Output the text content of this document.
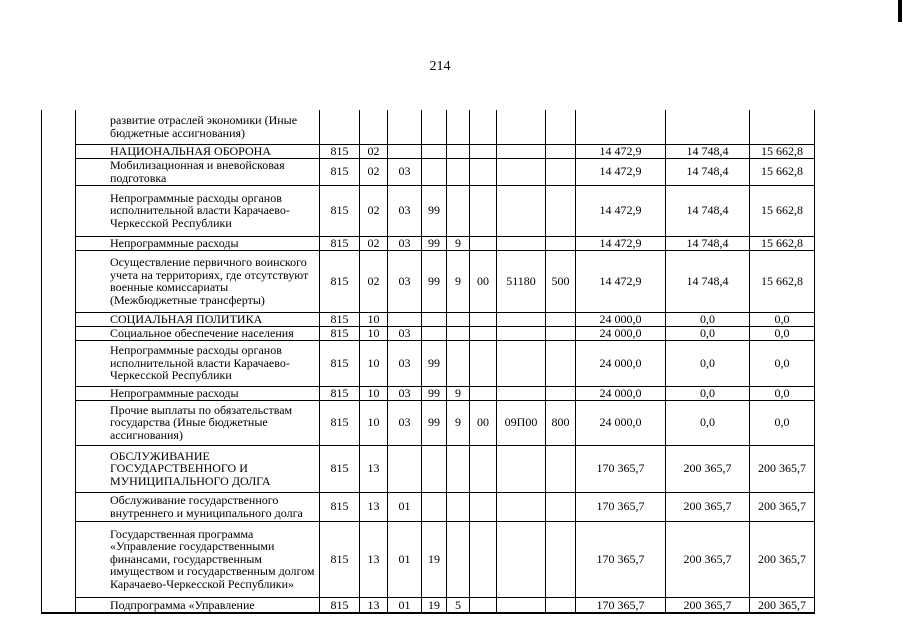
214
	развитие отраслей экономики (Иные бюджетные ассигнования)											
	НАЦИОНАЛЬНАЯ ОБОРОНА	815	02							14 472,9	14 748,4	15 662,8
	Мобилизационная и вневойсковая подготовка	815	02	03						14 472,9	14 748,4	15 662,8
	Непрограммные расходы органов исполнительной власти Карачаево-Черкесской Республики	815	02	03	99					14 472,9	14 748,4	15 662,8
	Непрограммные расходы	815	02	03	99	9				14 472,9	14 748,4	15 662,8
	Осуществление первичного воинского учета на территориях, где отсутствуют военные комиссариаты (Межбюджетные трансферты)	815	02	03	99	9	00	51180	500	14 472,9	14 748,4	15 662,8
	СОЦИАЛЬНАЯ ПОЛИТИКА	815	10							24 000,0	0,0	0,0
	Социальное обеспечение населения	815	10	03						24 000,0	0,0	0,0
	Непрограммные расходы органов исполнительной власти Карачаево-Черкесской Республики	815	10	03	99					24 000,0	0,0	0,0
	Непрограммные расходы	815	10	03	99	9				24 000,0	0,0	0,0
	Прочие выплаты по обязательствам государства (Иные бюджетные ассигнования)	815	10	03	99	9	00	09П00	800	24 000,0	0,0	0,0
	ОБСЛУЖИВАНИЕ ГОСУДАРСТВЕННОГО И МУНИЦИПАЛЬНОГО ДОЛГА	815	13							170 365,7	200 365,7	200 365,7
	Обслуживание государственного внутреннего и муниципального долга	815	13	01						170 365,7	200 365,7	200 365,7
	Государственная программа «Управление государственными финансами, государственным имуществом и государственным долгом Карачаево-Черкесской Республики»	815	13	01	19					170 365,7	200 365,7	200 365,7
	Подпрограмма «Управление	815	13	01	19	5				170 365,7	200 365,7	200 365,7
